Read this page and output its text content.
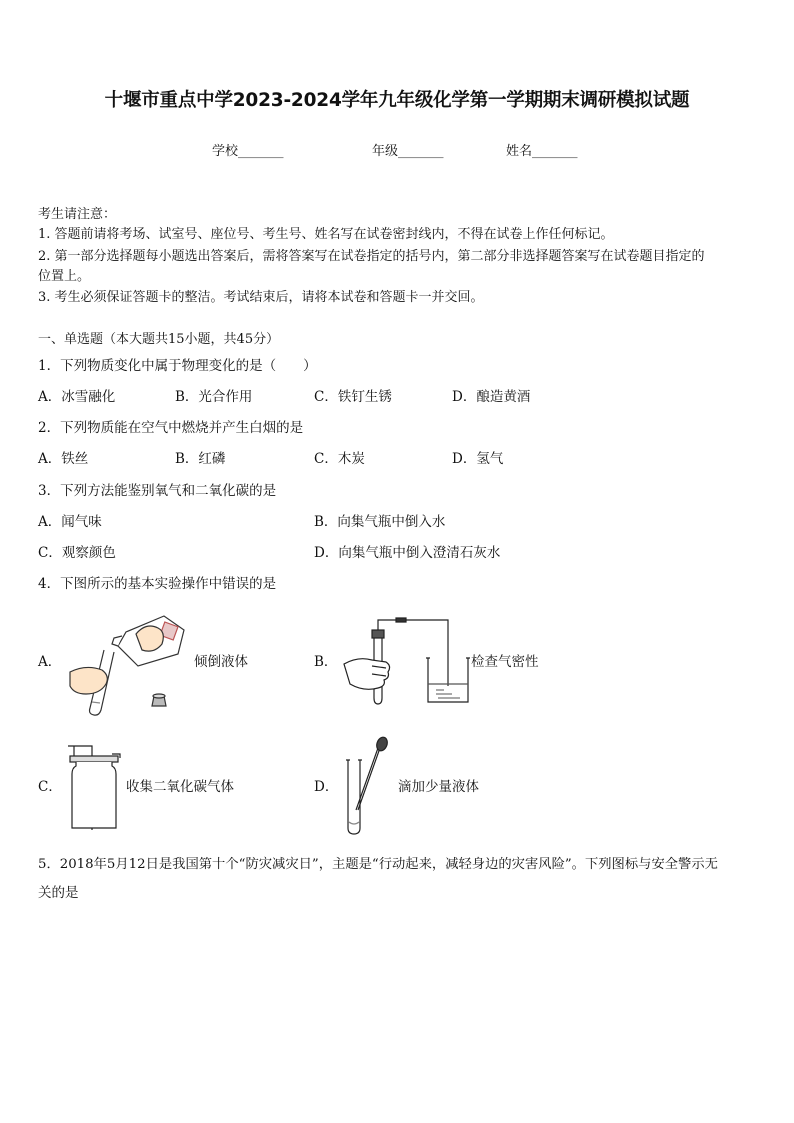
十堰市重点中学2023-2024学年九年级化学第一学期期末调研模拟试题
学校_______	年级_______	姓名_______
考生请注意：
1. 答题前请将考场、试室号、座位号、考生号、姓名写在试卷密封线内，不得在试卷上作任何标记。
2. 第一部分选择题每小题选出答案后，需将答案写在试卷指定的括号内，第二部分非选择题答案写在试卷题目指定的
位置上。
3. 考生必须保证答题卡的整洁。考试结束后，请将本试卷和答题卡一并交回。
一、单选题（本大题共15小题，共45分）
1．下列物质变化中属于物理变化的是（　　）
A．冰雪融化	B．光合作用	C．铁钉生锈	D．酿造黄酒
2．下列物质能在空气中燃烧并产生白烟的是
A．铁丝	B．红磷	C．木炭	D．氢气
3．下列方法能鉴别氧气和二氧化碳的是
A．闻气味	B．向集气瓶中倒入水
C．观察颜色	D．向集气瓶中倒入澄清石灰水
4．下图所示的基本实验操作中错误的是
A．	倾倒液体	B．	检查气密性
C．	收集二氧化碳气体	D．	滴加少量液体
5．2018年5月12日是我国第十个“防灾减灾日”，主题是“行动起来，减轻身边的灾害风险”。下列图标与安全警示无
关的是
